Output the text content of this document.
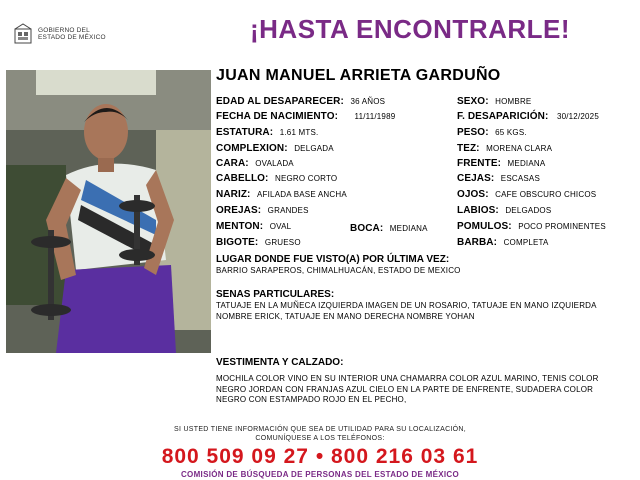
GOBIERNO DEL
ESTADO DE MÉXICO	¡HASTA ENCONTRARLE!
JUAN MANUEL ARRIETA GARDUÑO
EDAD AL DESAPARECER: 36 AÑOS
FECHA DE NACIMIENTO: 11/11/1989
ESTATURA: 1.61 MTS.
COMPLEXION: DELGADA
CARA: OVALADA
CABELLO: NEGRO CORTO
NARIZ: AFILADA BASE ANCHA
OREJAS: GRANDES
MENTON: OVAL	BOCA: MEDIANA
BIGOTE: GRUESO
SEXO: HOMBRE
F. DESAPARICIÓN: 30/12/2025
PESO: 65 KGS.
TEZ: MORENA CLARA
FRENTE: MEDIANA
CEJAS: ESCASAS
OJOS: CAFE OBSCURO CHICOS
LABIOS: DELGADOS
POMULOS: POCO PROMINENTES
BARBA: COMPLETA
LUGAR DONDE FUE VISTO(A) POR ÚLTIMA VEZ:
BARRIO SARAPEROS, CHIMALHUACÁN, ESTADO DE MEXICO
SENAS PARTICULARES:
TATUAJE EN LA MUÑECA IZQUIERDA IMAGEN DE UN ROSARIO, TATUAJE EN MANO IZQUIERDA NOMBRE ERICK, TATUAJE EN MANO DERECHA NOMBRE YOHAN
VESTIMENTA Y CALZADO:
MOCHILA COLOR VINO EN SU INTERIOR UNA CHAMARRA COLOR AZUL MARINO, TENIS COLOR NEGRO JORDAN CON FRANJAS AZUL CIELO EN LA PARTE DE ENFRENTE, SUDADERA COLOR NEGRO CON ESTAMPADO ROJO EN EL PECHO,
SI USTED TIENE INFORMACIÓN QUE SEA DE UTILIDAD PARA SU LOCALIZACIÓN,
COMUNÍQUESE A LOS TELÉFONOS:
800 509 09 27 • 800 216 03 61
COMISIÓN DE BÚSQUEDA DE PERSONAS DEL ESTADO DE MÉXICO
